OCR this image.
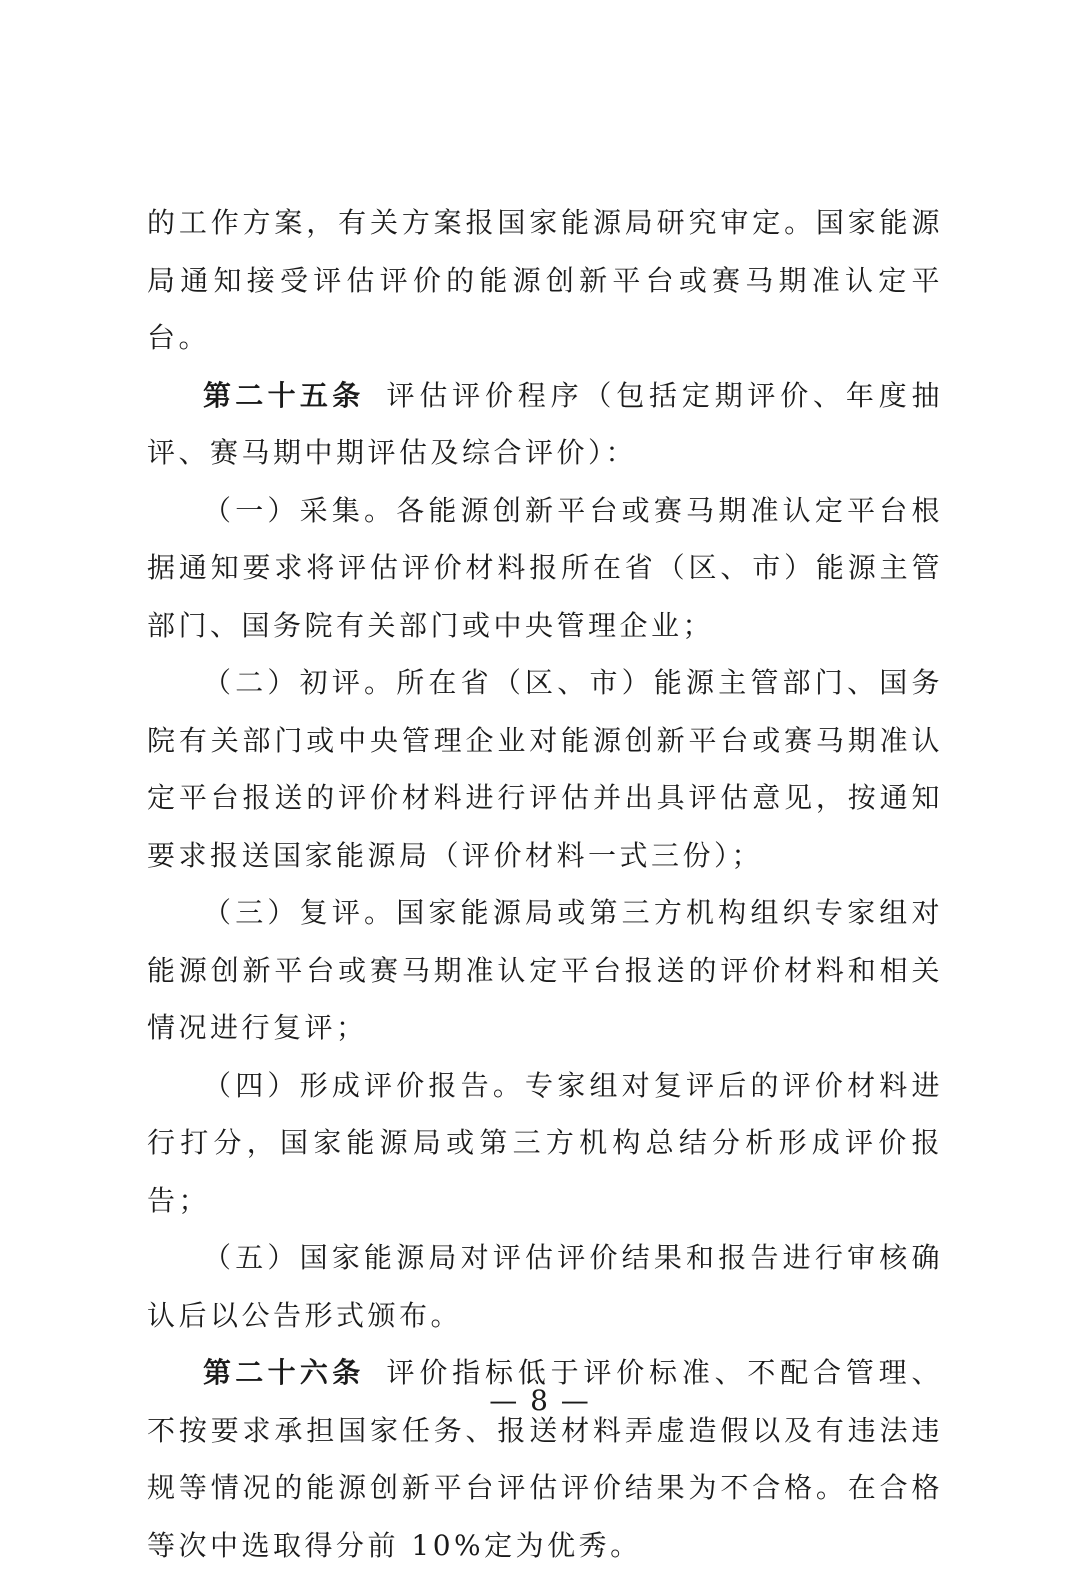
的工作方案，有关方案报国家能源局研究审定。国家能源局通知接受评估评价的能源创新平台或赛马期准认定平台。

第二十五条 评估评价程序（包括定期评价、年度抽评、赛马期中期评估及综合评价）：

（一）采集。各能源创新平台或赛马期准认定平台根据通知要求将评估评价材料报所在省（区、市）能源主管部门、国务院有关部门或中央管理企业；

（二）初评。所在省（区、市）能源主管部门、国务院有关部门或中央管理企业对能源创新平台或赛马期准认定平台报送的评价材料进行评估并出具评估意见，按通知要求报送国家能源局（评价材料一式三份）；

（三）复评。国家能源局或第三方机构组织专家组对能源创新平台或赛马期准认定平台报送的评价材料和相关情况进行复评；

（四）形成评价报告。专家组对复评后的评价材料进行打分，国家能源局或第三方机构总结分析形成评价报告；

（五）国家能源局对评估评价结果和报告进行审核确认后以公告形式颁布。

第二十六条 评价指标低于评价标准、不配合管理、不按要求承担国家任务、报送材料弄虚造假以及有违法违规等情况的能源创新平台评估评价结果为不合格。在合格等次中选取得分前 10%定为优秀。

— 8 —
